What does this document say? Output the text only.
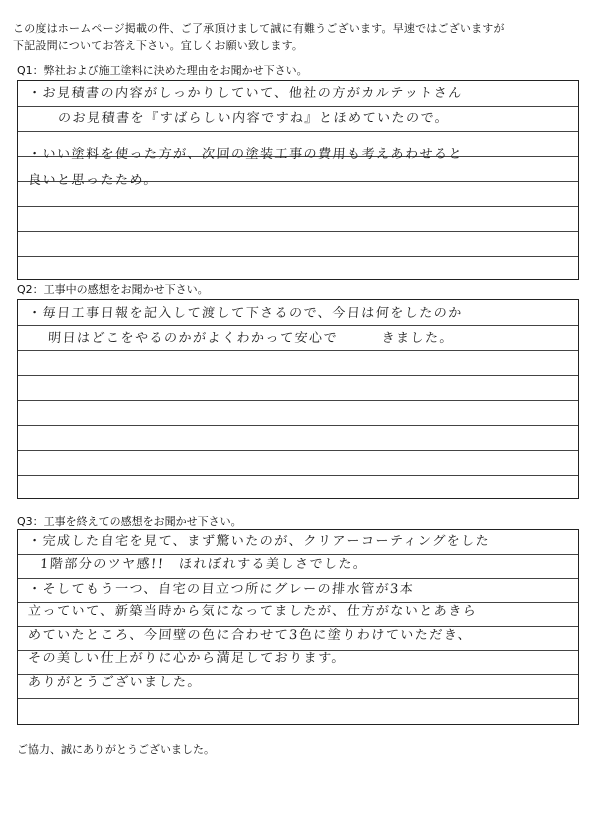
この度はホームページ掲載の件、ご了承頂けまして誠に有難うございます。早速ではございますが
下記設問についてお答え下さい。宜しくお願い致します。
Q1：弊社および施工塗料に決めた理由をお聞かせ下さい。
・お見積書の内容がしっかりしていて、他社の方がカルテットさん
のお見積書を『すばらしい内容ですね』とほめていたので。
・いい塗料を使った方が、次回の塗装工事の費用も考えあわせると
良いと思ったため。
Q2：工事中の感想をお聞かせ下さい。
・毎日工事日報を記入して渡して下さるので、今日は何をしたのか
明日はどこをやるのかがよくわかって安心で　　　きました。
Q3：工事を終えての感想をお聞かせ下さい。
・完成した自宅を見て、まず驚いたのが、クリアーコーティングをした
1階部分のツヤ感!!　ほれぼれする美しさでした。
・そしてもう一つ、自宅の目立つ所にグレーの排水管が3本
立っていて、新築当時から気になってましたが、仕方がないとあきら
めていたところ、今回壁の色に合わせて3色に塗りわけていただき、
その美しい仕上がりに心から満足しております。
ありがとうございました。
ご協力、誠にありがとうございました。
